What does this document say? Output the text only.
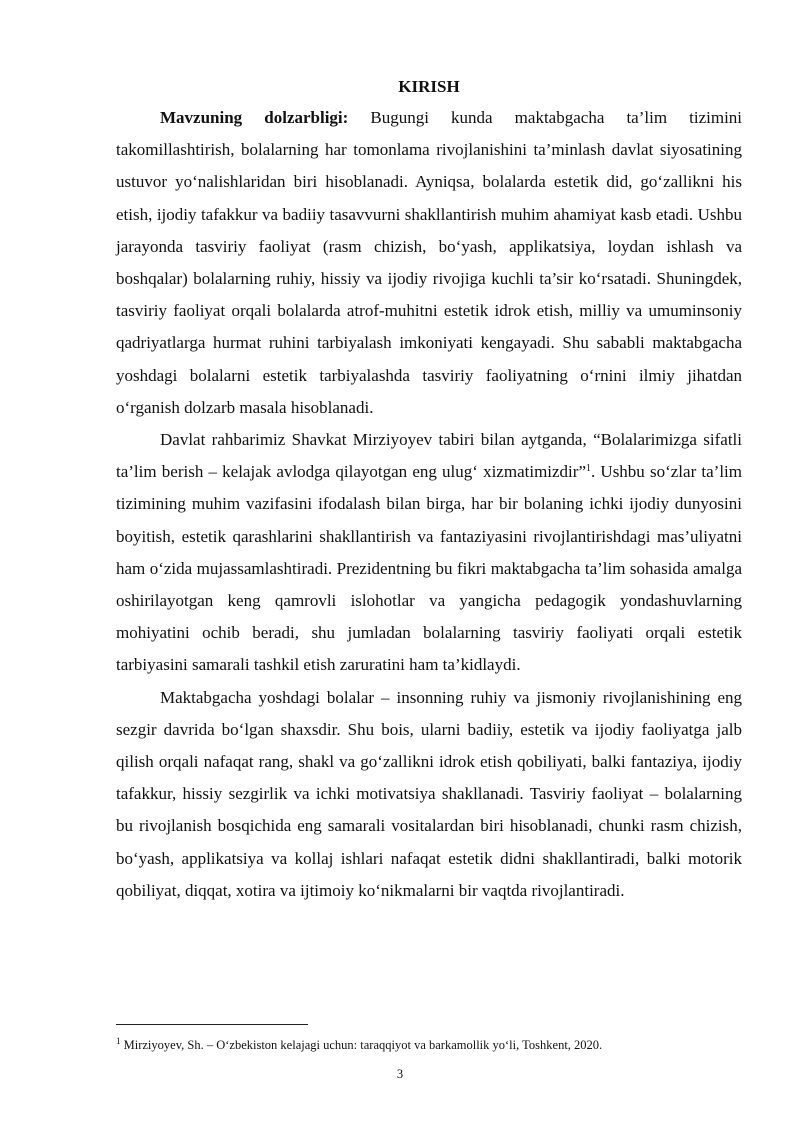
KIRISH

Mavzuning dolzarbligi: Bugungi kunda maktabgacha ta’lim tizimini takomillashtirish, bolalarning har tomonlama rivojlanishini ta’minlash davlat siyosatining ustuvor yo‘nalishlaridan biri hisoblanadi. Ayniqsa, bolalarda estetik did, go‘zallikni his etish, ijodiy tafakkur va badiiy tasavvurni shakllantirish muhim ahamiyat kasb etadi. Ushbu jarayonda tasviriy faoliyat (rasm chizish, bo‘yash, applikatsiya, loydan ishlash va boshqalar) bolalarning ruhiy, hissiy va ijodiy rivojiga kuchli ta’sir ko‘rsatadi. Shuningdek, tasviriy faoliyat orqali bolalarda atrof-muhitni estetik idrok etish, milliy va umuminsoniy qadriyatlarga hurmat ruhini tarbiyalash imkoniyati kengayadi. Shu sababli maktabgacha yoshdagi bolalarni estetik tarbiyalashda tasviriy faoliyatning o‘rnini ilmiy jihatdan o‘rganish dolzarb masala hisoblanadi.

Davlat rahbarimiz Shavkat Mirziyoyev tabiri bilan aytganda, “Bolalarimizga sifatli ta’lim berish – kelajak avlodga qilayotgan eng ulug‘ xizmatimizdir”$^1$. Ushbu so‘zlar ta’lim tizimining muhim vazifasini ifodalash bilan birga, har bir bolaning ichki ijodiy dunyosini boyitish, estetik qarashlarini shakllantirish va fantaziyasini rivojlantirishdagi mas’uliyatni ham o‘zida mujassamlashtiradi. Prezidentning bu fikri maktabgacha ta’lim sohasida amalga oshirilayotgan keng qamrovli islohotlar va yangicha pedagogik yondashuvlarning mohiyatini ochib beradi, shu jumladan bolalarning tasviriy faoliyati orqali estetik tarbiyasini samarali tashkil etish zaruratini ham ta’kidlaydi.

Maktabgacha yoshdagi bolalar – insonning ruhiy va jismoniy rivojlanishining eng sezgir davrida bo‘lgan shaxsdir. Shu bois, ularni badiiy, estetik va ijodiy faoliyatga jalb qilish orqali nafaqat rang, shakl va go‘zallikni idrok etish qobiliyati, balki fantaziya, ijodiy tafakkur, hissiy sezgirlik va ichki motivatsiya shakllanadi. Tasviriy faoliyat – bolalarning bu rivojlanish bosqichida eng samarali vositalardan biri hisoblanadi, chunki rasm chizish, bo‘yash, applikatsiya va kollaj ishlari nafaqat estetik didni shakllantiradi, balki motorik qobiliyat, diqqat, xotira va ijtimoiy ko‘nikmalarni bir vaqtda rivojlantiradi.

$^1$ Mirziyoyev, Sh. – O‘zbekiston kelajagi uchun: taraqqiyot va barkamollik yo‘li, Toshkent, 2020.
3
